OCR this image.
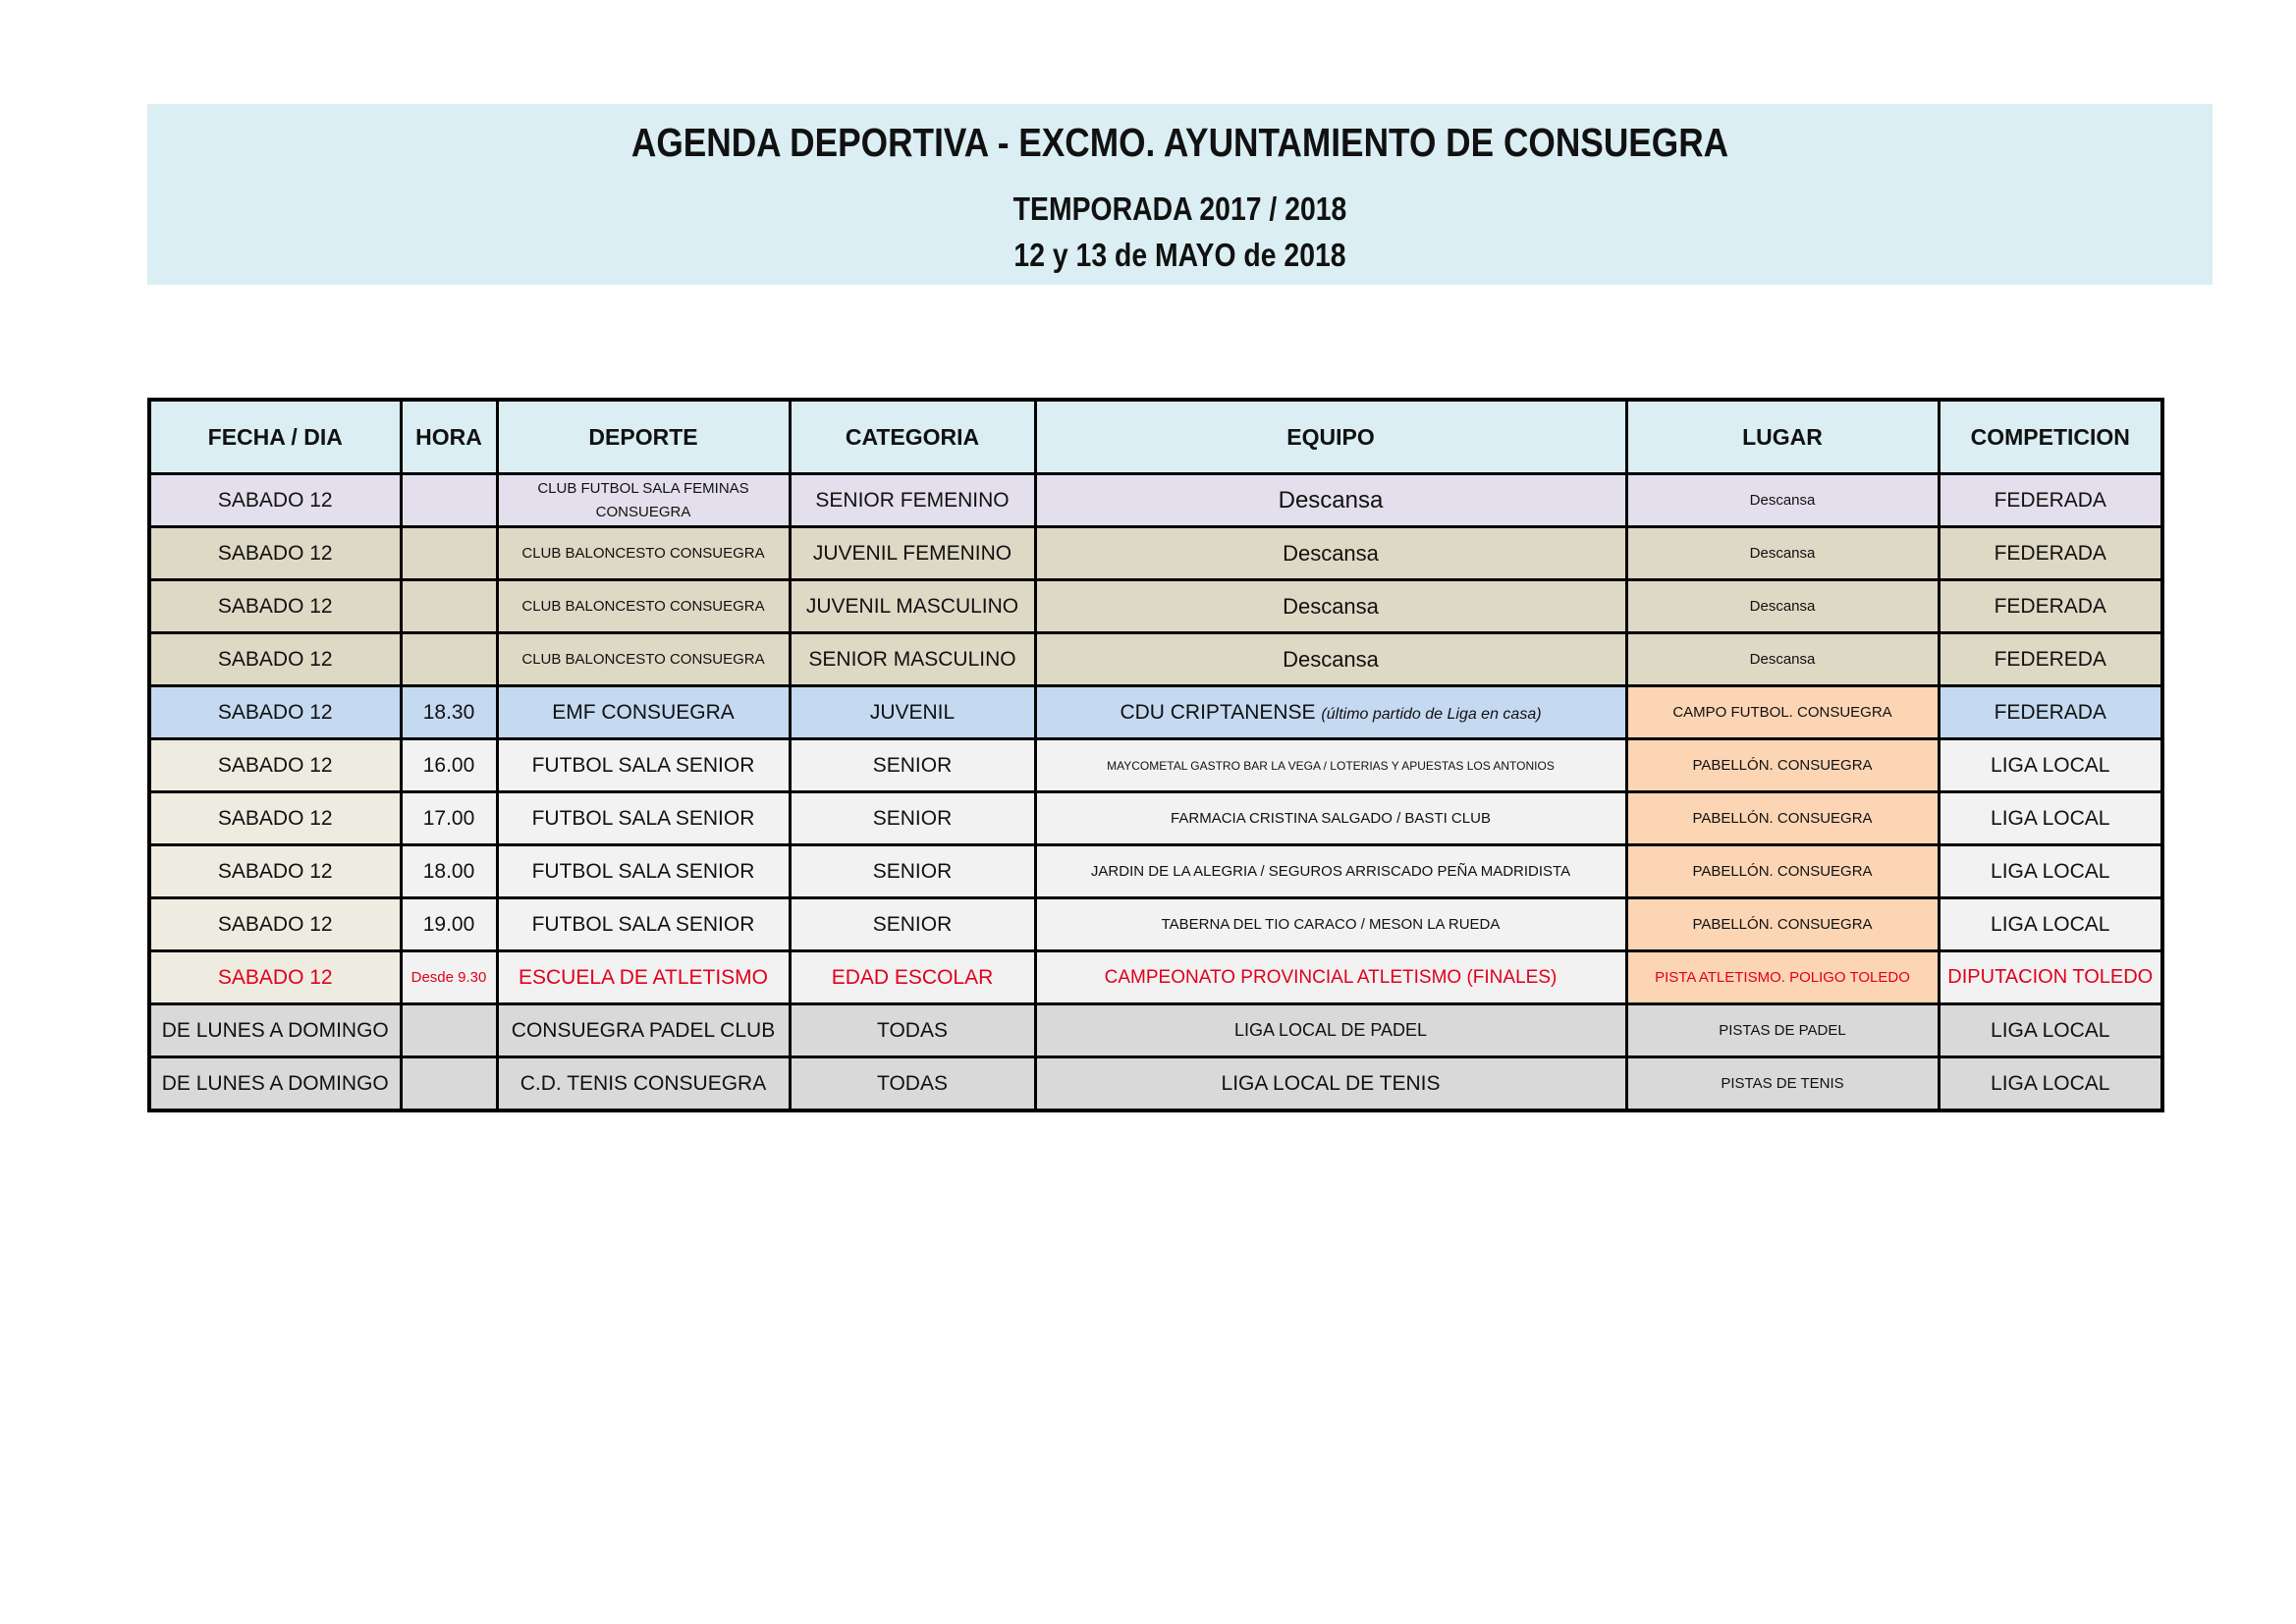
AGENDA DEPORTIVA - EXCMO. AYUNTAMIENTO DE CONSUEGRA
TEMPORADA 2017 / 2018
12 y 13 de MAYO de 2018
FECHA / DIA	HORA	DEPORTE	CATEGORIA	EQUIPO	LUGAR	COMPETICION
SABADO 12		CLUB FUTBOL SALA FEMINAS CONSUEGRA	SENIOR FEMENINO	Descansa	Descansa	FEDERADA
SABADO 12		CLUB BALONCESTO CONSUEGRA	JUVENIL FEMENINO	Descansa	Descansa	FEDERADA
SABADO 12		CLUB BALONCESTO CONSUEGRA	JUVENIL MASCULINO	Descansa	Descansa	FEDERADA
SABADO 12		CLUB BALONCESTO CONSUEGRA	SENIOR MASCULINO	Descansa	Descansa	FEDEREDA
SABADO 12	18.30	EMF CONSUEGRA	JUVENIL	CDU CRIPTANENSE (último partido de Liga en casa)	CAMPO FUTBOL. CONSUEGRA	FEDERADA
SABADO 12	16.00	FUTBOL SALA SENIOR	SENIOR	MAYCOMETAL GASTRO BAR LA VEGA / LOTERIAS Y APUESTAS LOS ANTONIOS	PABELLÓN. CONSUEGRA	LIGA LOCAL
SABADO 12	17.00	FUTBOL SALA SENIOR	SENIOR	FARMACIA CRISTINA SALGADO / BASTI CLUB	PABELLÓN. CONSUEGRA	LIGA LOCAL
SABADO 12	18.00	FUTBOL SALA SENIOR	SENIOR	JARDIN DE LA ALEGRIA / SEGUROS ARRISCADO PEÑA MADRIDISTA	PABELLÓN. CONSUEGRA	LIGA LOCAL
SABADO 12	19.00	FUTBOL SALA SENIOR	SENIOR	TABERNA DEL TIO CARACO / MESON LA RUEDA	PABELLÓN. CONSUEGRA	LIGA LOCAL
SABADO 12	Desde 9.30	ESCUELA DE ATLETISMO	EDAD ESCOLAR	CAMPEONATO PROVINCIAL ATLETISMO (FINALES)	PISTA ATLETISMO. POLIGO TOLEDO	DIPUTACION TOLEDO
DE LUNES A DOMINGO		CONSUEGRA PADEL CLUB	TODAS	LIGA LOCAL DE PADEL	PISTAS DE PADEL	LIGA LOCAL
DE LUNES A DOMINGO		C.D. TENIS CONSUEGRA	TODAS	LIGA LOCAL DE TENIS	PISTAS DE TENIS	LIGA LOCAL
